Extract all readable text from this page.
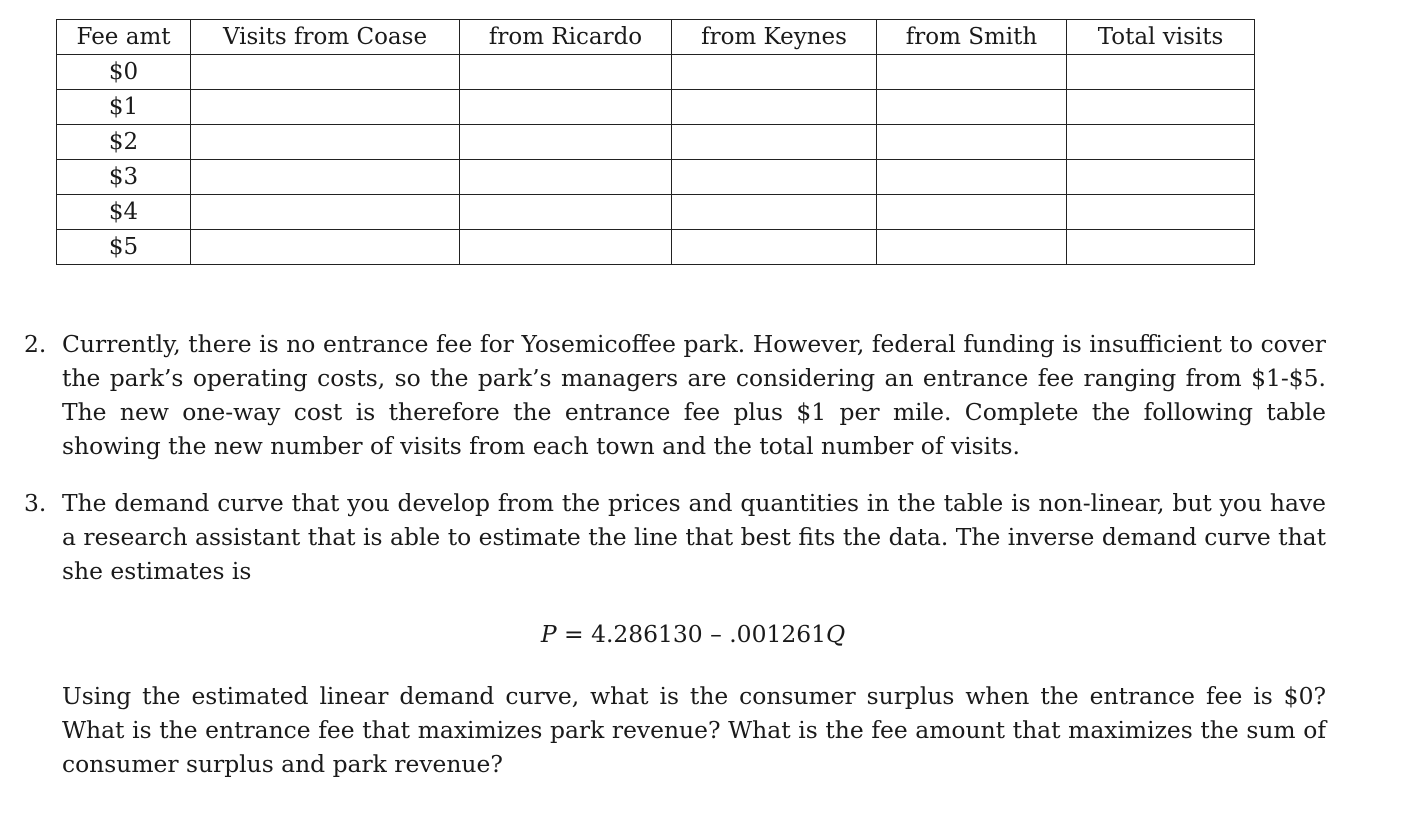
Fee amt	Visits from Coase	from Ricardo	from Keynes	from Smith	Total visits
$0					
$1					
$2					
$3					
$4					
$5					
2. Currently, there is no entrance fee for Yosemicoffee park. However, federal funding is insufficient to cover the park’s operating costs, so the park’s managers are considering an entrance fee ranging from $1-$5. The new one-way cost is therefore the entrance fee plus $1 per mile. Complete the following table showing the new number of visits from each town and the total number of visits.
3. The demand curve that you develop from the prices and quantities in the table is non-linear, but you have a research assistant that is able to estimate the line that best fits the data. The inverse demand curve that she estimates is
P = 4.286130 – .001261Q
Using the estimated linear demand curve, what is the consumer surplus when the entrance fee is $0? What is the entrance fee that maximizes park revenue? What is the fee amount that maximizes the sum of consumer surplus and park revenue?
